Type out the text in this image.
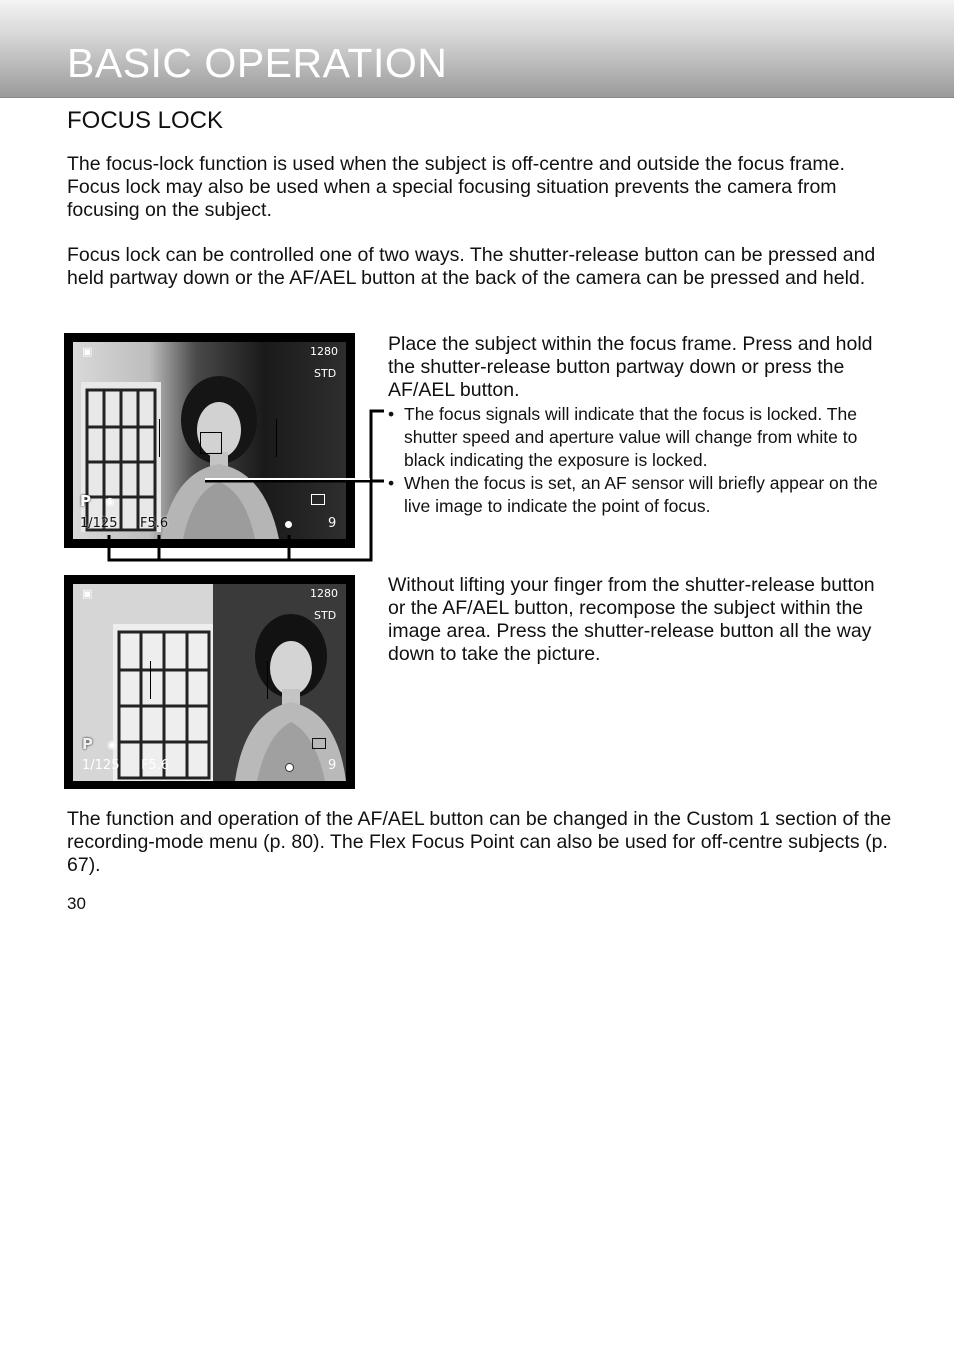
BASIC OPERATION
FOCUS LOCK
The focus-lock function is used when the subject is off-centre and outside the focus frame. Focus lock may also be used when a special focusing situation prevents the camera from focusing on the subject.
Focus lock can be controlled one of two ways. The shutter-release button can be pressed and held partway down or the AF/AEL button at the back of the camera can be pressed and held.
▣	1280
STD
P ◉
1/125 F5.6	9
▣	1280
STD
P ◉
1/125 F5.6	9
Place the subject within the focus frame. Press and hold the shutter-release button partway down or press the AF/AEL button.
• The focus signals will indicate that the focus is locked. The shutter speed and aperture value will change from white to black indicating the exposure is locked.
• When the focus is set, an AF sensor will briefly appear on the live image to indicate the point of focus.
Without lifting your finger from the shutter-release button or the AF/AEL button, recompose the subject within the image area. Press the shutter-release button all the way down to take the picture.
The function and operation of the AF/AEL button can be changed in the Custom 1 section of the recording-mode menu (p. 80). The Flex Focus Point can also be used for off-centre subjects (p. 67).
30
